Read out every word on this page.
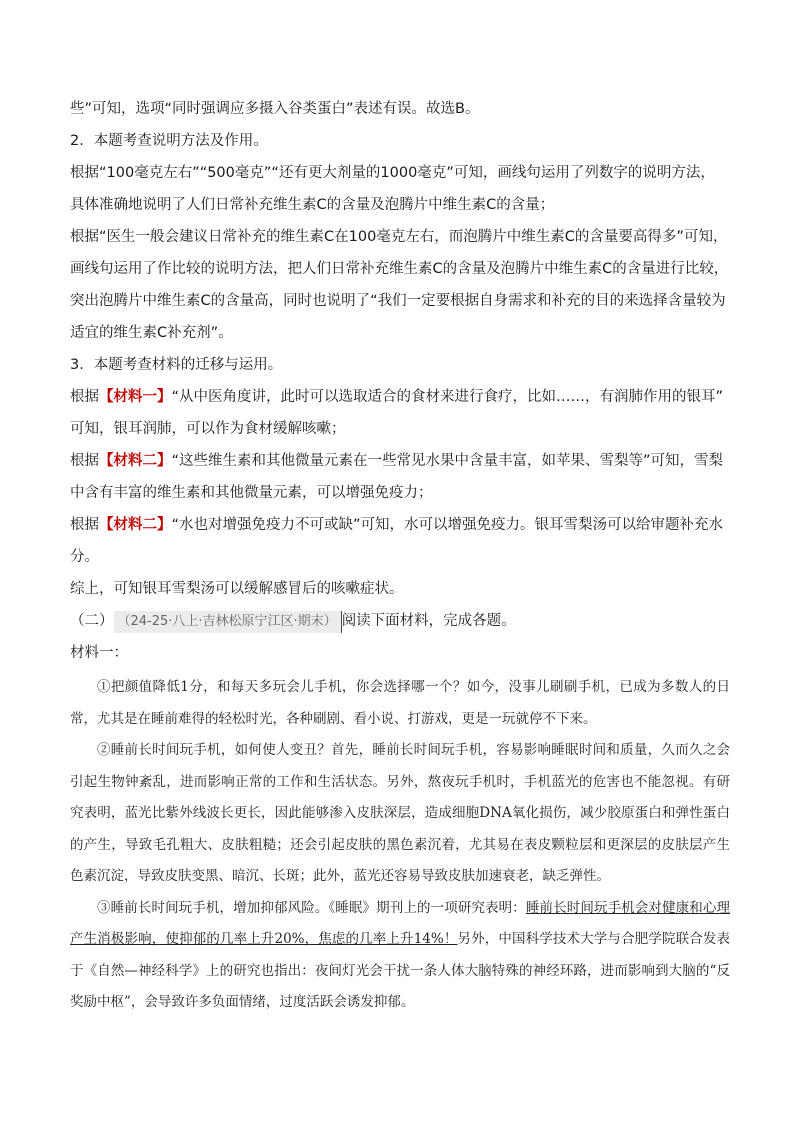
些”可知，选项“同时强调应多摄入谷类蛋白”表述有误。故选B。
2．本题考查说明方法及作用。
根据“100毫克左右”“500毫克”“还有更大剂量的1000毫克”可知，画线句运用了列数字的说明方法，
具体准确地说明了人们日常补充维生素C的含量及泡腾片中维生素C的含量；
根据“医生一般会建议日常补充的维生素C在100毫克左右，而泡腾片中维生素C的含量要高得多”可知，
画线句运用了作比较的说明方法，把人们日常补充维生素C的含量及泡腾片中维生素C的含量进行比较，
突出泡腾片中维生素C的含量高，同时也说明了“我们一定要根据自身需求和补充的目的来选择含量较为
适宜的维生素C补充剂”。
3．本题考查材料的迁移与运用。
根据【材料一】“从中医角度讲，此时可以选取适合的食材来进行食疗，比如……，有润肺作用的银耳”
可知，银耳润肺，可以作为食材缓解咳嗽；
根据【材料二】“这些维生素和其他微量元素在一些常见水果中含量丰富，如苹果、雪梨等”可知，雪梨
中含有丰富的维生素和其他微量元素，可以增强免疫力；
根据【材料二】“水也对增强免疫力不可或缺”可知，水可以增强免疫力。银耳雪梨汤可以给审题补充水
分。
综上，可知银耳雪梨汤可以缓解感冒后的咳嗽症状。
（二） （24-25·八上·吉林松原宁江区·期末） 阅读下面材料，完成各题。
材料一：

①把颜值降低1分，和每天多玩会儿手机，你会选择哪一个？如今，没事儿刷刷手机，已成为多数人的日常，尤其是在睡前难得的轻松时光，各种刷剧、看小说、打游戏，更是一玩就停不下来。

②睡前长时间玩手机，如何使人变丑？首先，睡前长时间玩手机，容易影响睡眠时间和质量，久而久之会引起生物钟紊乱，进而影响正常的工作和生活状态。另外，熬夜玩手机时，手机蓝光的危害也不能忽视。有研究表明，蓝光比紫外线波长更长，因此能够渗入皮肤深层，造成细胞DNA氧化损伤，减少胶原蛋白和弹性蛋白的产生，导致毛孔粗大、皮肤粗糙；还会引起皮肤的黑色素沉着，尤其易在表皮颗粒层和更深层的皮肤层产生色素沉淀，导致皮肤变黑、暗沉、长斑；此外，蓝光还容易导致皮肤加速衰老，缺乏弹性。

③睡前长时间玩手机，增加抑郁风险。《睡眠》期刊上的一项研究表明：睡前长时间玩手机会对健康和心理产生消极影响，使抑郁的几率上升20%，焦虑的几率上升14%！另外，中国科学技术大学与合肥学院联合发表于《自然—神经科学》上的研究也指出：夜间灯光会干扰一条人体大脑特殊的神经环路，进而影响到大脑的“反奖励中枢”，会导致许多负面情绪，过度活跃会诱发抑郁。
